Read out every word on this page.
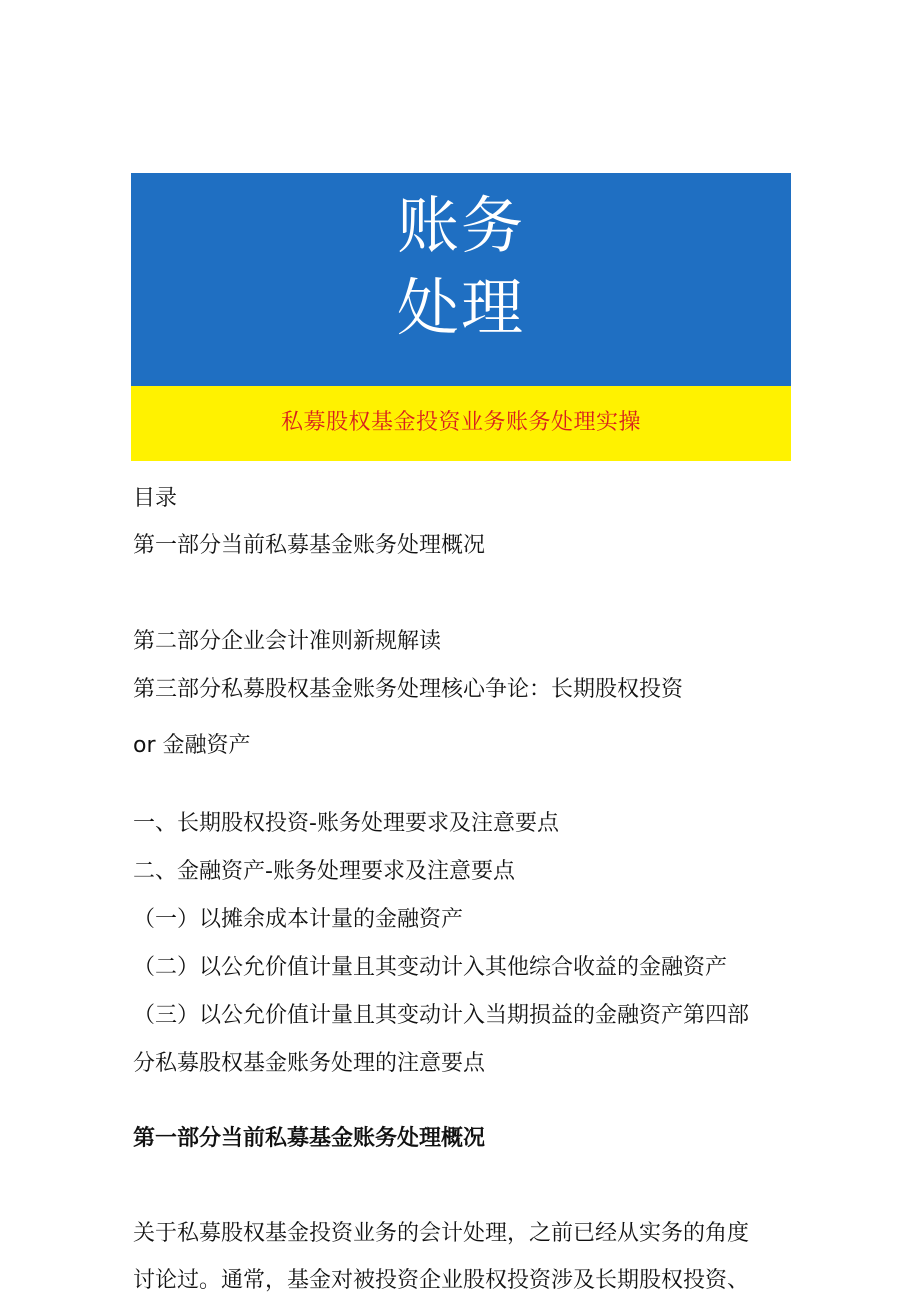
账务
处理
私募股权基金投资业务账务处理实操
目录
第一部分当前私募基金账务处理概况
第二部分企业会计准则新规解读
第三部分私募股权基金账务处理核心争论：长期股权投资
or 金融资产
一、长期股权投资-账务处理要求及注意要点
二、金融资产-账务处理要求及注意要点
（一）以摊余成本计量的金融资产
（二）以公允价值计量且其变动计入其他综合收益的金融资产
（三）以公允价值计量且其变动计入当期损益的金融资产第四部
分私募股权基金账务处理的注意要点
第一部分当前私募基金账务处理概况
关于私募股权基金投资业务的会计处理，之前已经从实务的角度
讨论过。通常，基金对被投资企业股权投资涉及长期股权投资、
